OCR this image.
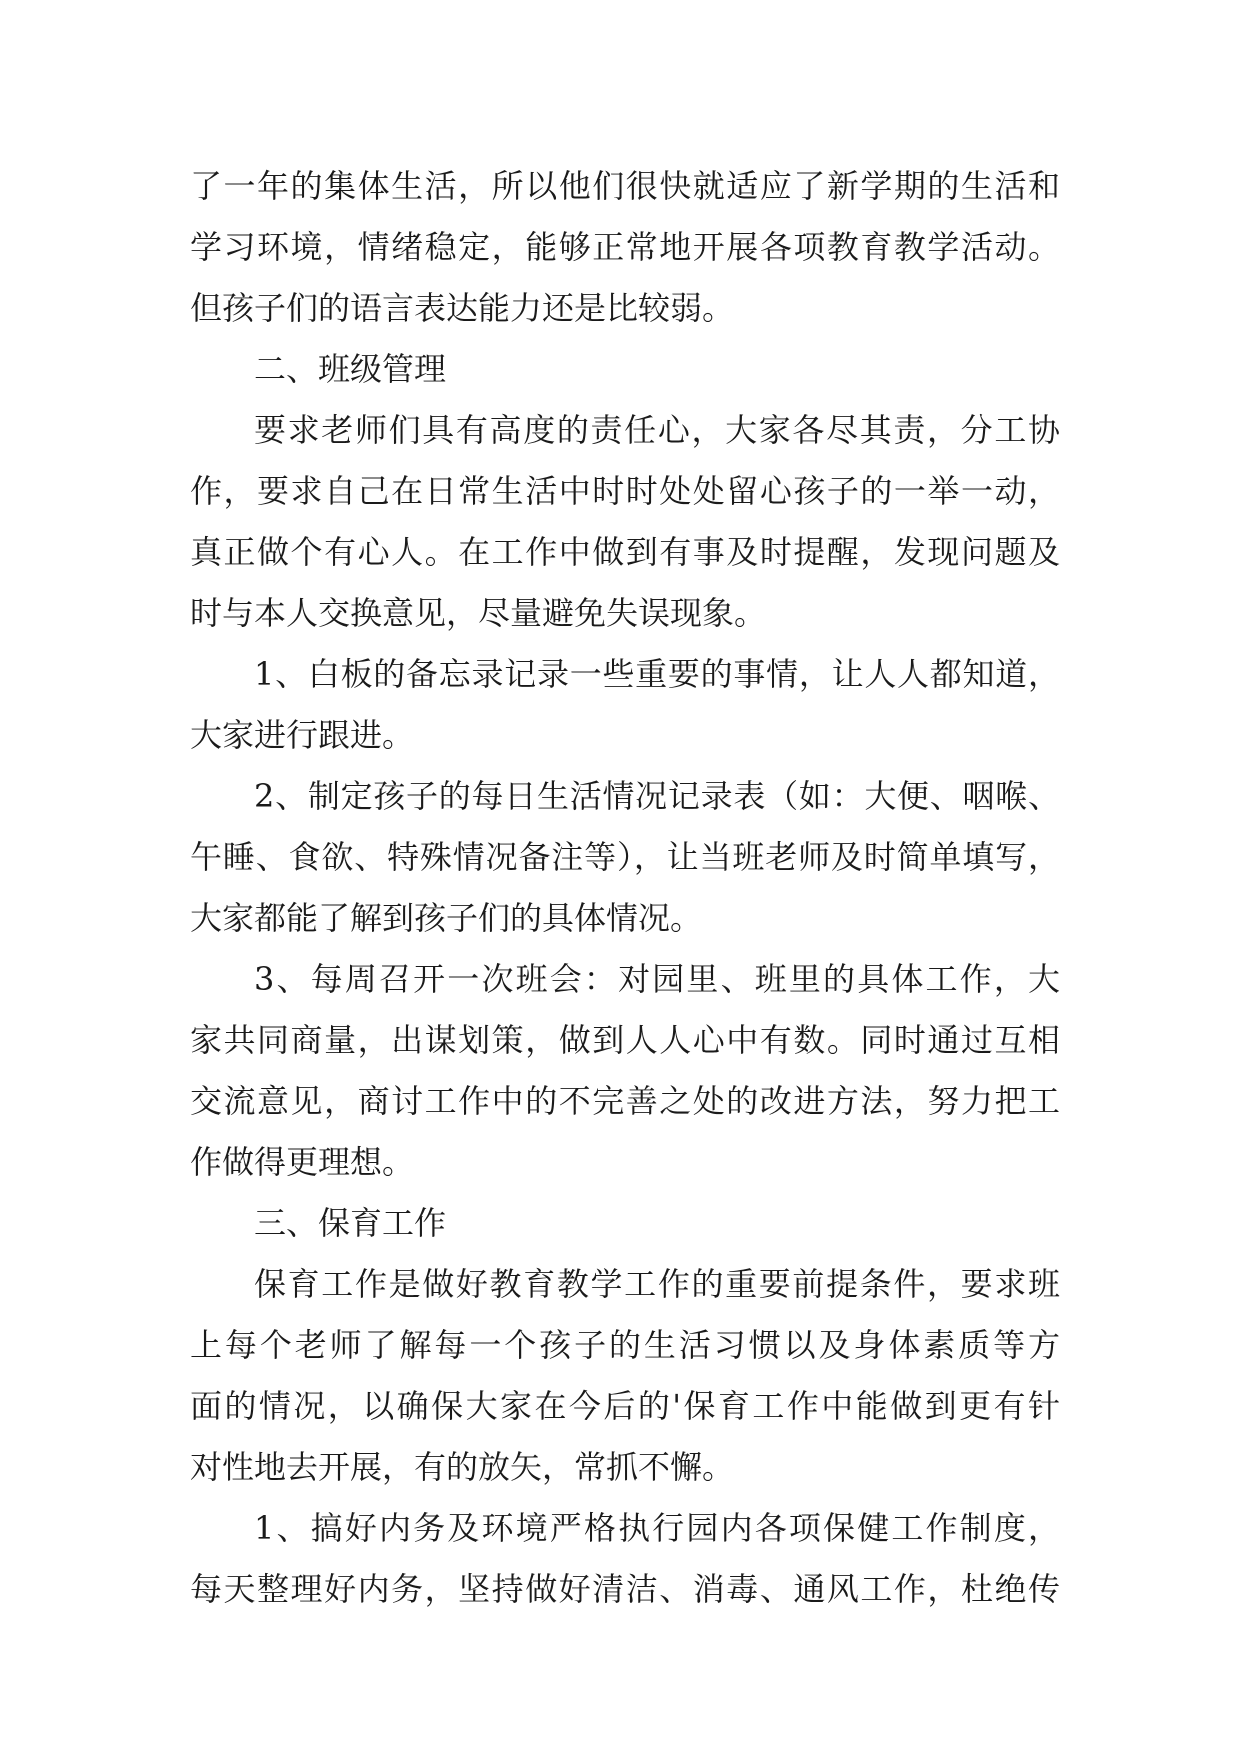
了一年的集体生活，所以他们很快就适应了新学期的生活和
学习环境，情绪稳定，能够正常地开展各项教育教学活动。
但孩子们的语言表达能力还是比较弱。
二、班级管理
要求老师们具有高度的责任心，大家各尽其责，分工协
作，要求自己在日常生活中时时处处留心孩子的一举一动，
真正做个有心人。在工作中做到有事及时提醒，发现问题及
时与本人交换意见，尽量避免失误现象。
1、白板的备忘录记录一些重要的事情，让人人都知道，
大家进行跟进。
2、制定孩子的每日生活情况记录表（如：大便、咽喉、
午睡、食欲、特殊情况备注等），让当班老师及时简单填写，
大家都能了解到孩子们的具体情况。
3、每周召开一次班会：对园里、班里的具体工作，大
家共同商量，出谋划策，做到人人心中有数。同时通过互相
交流意见，商讨工作中的不完善之处的改进方法，努力把工
作做得更理想。
三、保育工作
保育工作是做好教育教学工作的重要前提条件，要求班
上每个老师了解每一个孩子的生活习惯以及身体素质等方
面的情况，以确保大家在今后的'保育工作中能做到更有针
对性地去开展，有的放矢，常抓不懈。
1、搞好内务及环境严格执行园内各项保健工作制度，
每天整理好内务，坚持做好清洁、消毒、通风工作，杜绝传
